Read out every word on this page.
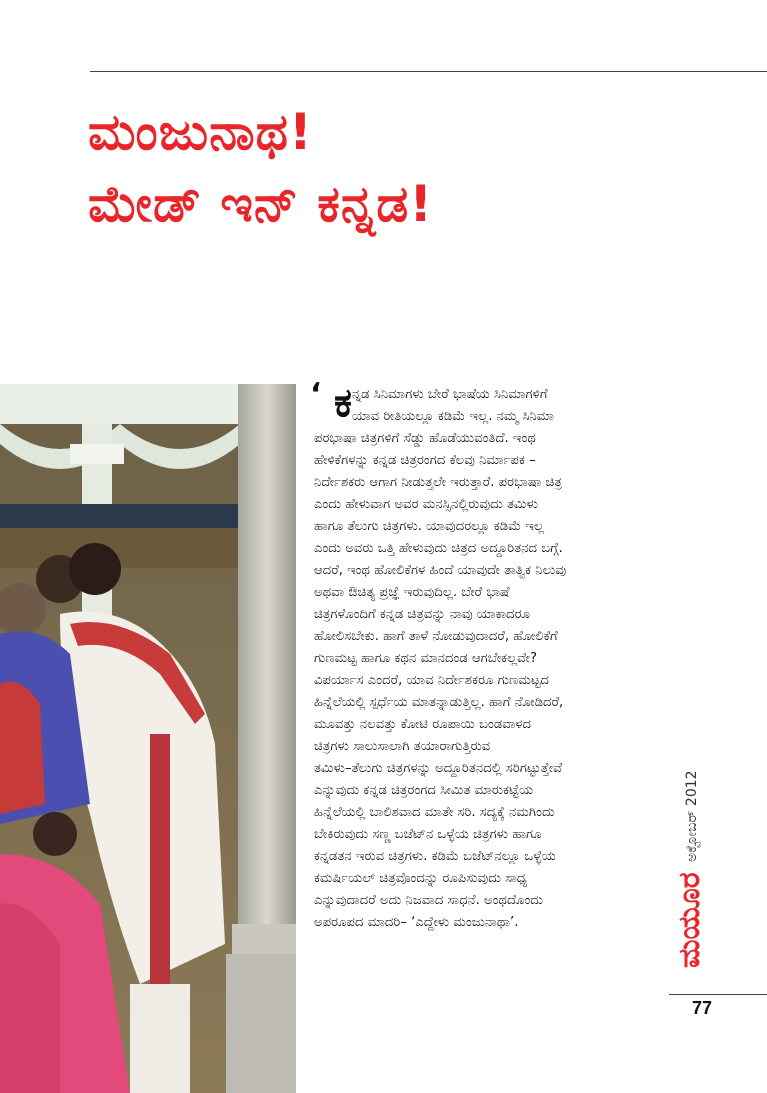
ಮಂಜುನಾಥ!
ಮೇಡ್ ಇನ್ ಕನ್ನಡ!
‘ ಕ ನ್ನಡ ಸಿನಿಮಾಗಳು ಬೇರೆ ಭಾಷೆಯ ಸಿನಿಮಾಗಳಿಗೆ
ಯಾವ ರೀತಿಯಲ್ಲೂ ಕಡಿಮೆ ಇಲ್ಲ. ನಮ್ಮ ಸಿನಿಮಾ

ಪರಭಾಷಾ ಚಿತ್ರಗಳಿಗೆ ಸೆಡ್ಡು ಹೊಡೆಯುವಂತಿದೆ. ಇಂಥ
ಹೇಳಿಕೆಗಳನ್ನು ಕನ್ನಡ ಚಿತ್ರರಂಗದ ಕೆಲವು ನಿರ್ಮಾಪಕ –
ನಿರ್ದೇಶಕರು ಆಗಾಗ ನೀಡುತ್ತಲೇ ಇರುತ್ತಾರೆ. ಪರಭಾಷಾ ಚಿತ್ರ
ಎಂದು ಹೇಳುವಾಗ ಅವರ ಮನಸ್ಸಿನಲ್ಲಿರುವುದು ತಮಿಳು
ಹಾಗೂ ತೆಲುಗು ಚಿತ್ರಗಳು. ಯಾವುದರಲ್ಲೂ ಕಡಿಮೆ ಇಲ್ಲ
ಎಂದು ಅವರು ಒತ್ತಿ ಹೇಳುವುದು ಚಿತ್ರದ ಅದ್ದೂರಿತನದ ಬಗ್ಗೆ.
ಆದರೆ, ಇಂಥ ಹೋಲಿಕೆಗಳ ಹಿಂದೆ ಯಾವುದೇ ತಾತ್ವಿಕ ನಿಲುವು
ಅಥವಾ ಔಚಿತ್ಯ ಪ್ರಜ್ಞೆ ಇರುವುದಿಲ್ಲ. ಬೇರೆ ಭಾಷೆ
ಚಿತ್ರಗಳೊಂದಿಗೆ ಕನ್ನಡ ಚಿತ್ರವನ್ನು ನಾವು ಯಾಕಾದರೂ
ಹೋಲಿಸಬೇಕು. ಹಾಗೆ ತಾಳೆ ನೋಡುವುದಾದರೆ, ಹೋಲಿಕೆಗೆ
ಗುಣಮಟ್ಟ ಹಾಗೂ ಕಥನ ಮಾನದಂಡ ಆಗಬೇಕಲ್ಲವೇ?
ವಿಪರ್ಯಾಸ ಎಂದರೆ, ಯಾವ ನಿರ್ದೇಶಕರೂ ಗುಣಮಟ್ಟದ
ಹಿನ್ನೆಲೆಯಲ್ಲಿ ಸ್ಪರ್ಧೆಯ ಮಾತನ್ನಾಡುತ್ತಿಲ್ಲ. ಹಾಗೆ ನೋಡಿದರೆ,
ಮೂವತ್ತು ನಲವತ್ತು ಕೋಟಿ ರೂಪಾಯಿ ಬಂಡವಾಳದ
ಚಿತ್ರಗಳು ಸಾಲುಸಾಲಾಗಿ ತಯಾರಾಗುತ್ತಿರುವ
ತಮಿಳು–ತೆಲುಗು ಚಿತ್ರಗಳನ್ನು ಅದ್ದೂರಿತನದಲ್ಲಿ ಸರಿಗಟ್ಟುತ್ತೇವೆ
ಎನ್ನುವುದು ಕನ್ನಡ ಚಿತ್ರರಂಗದ ಸೀಮಿತ ಮಾರುಕಟ್ಟೆಯ
ಹಿನ್ನೆಲೆಯಲ್ಲಿ ಬಾಲಿಶವಾದ ಮಾತೇ ಸರಿ. ಸದ್ಯಕ್ಕೆ ನಮಗಿಂದು
ಬೇಕಿರುವುದು ಸಣ್ಣ ಬಜೆಟ್‌ನ ಒಳ್ಳೆಯ ಚಿತ್ರಗಳು ಹಾಗೂ
ಕನ್ನಡತನ ಇರುವ ಚಿತ್ರಗಳು. ಕಡಿಮೆ ಬಜೆಟ್‌ನಲ್ಲೂ ಒಳ್ಳೆಯ
ಕಮರ್ಷಿಯಲ್ ಚಿತ್ರವೊಂದನ್ನು ರೂಪಿಸುವುದು ಸಾಧ್ಯ
ಎನ್ನುವುದಾದರೆ ಅದು ನಿಜವಾದ ಸಾಧನೆ. ಅಂಥದೊಂದು
ಅಪರೂಪದ ಮಾದರಿ– ‘ಎದ್ದೇಳು ಮಂಜುನಾಥಾ’.

ಅಕ್ಟೋಬರ್ 2012
ಮಯೂರ
77
